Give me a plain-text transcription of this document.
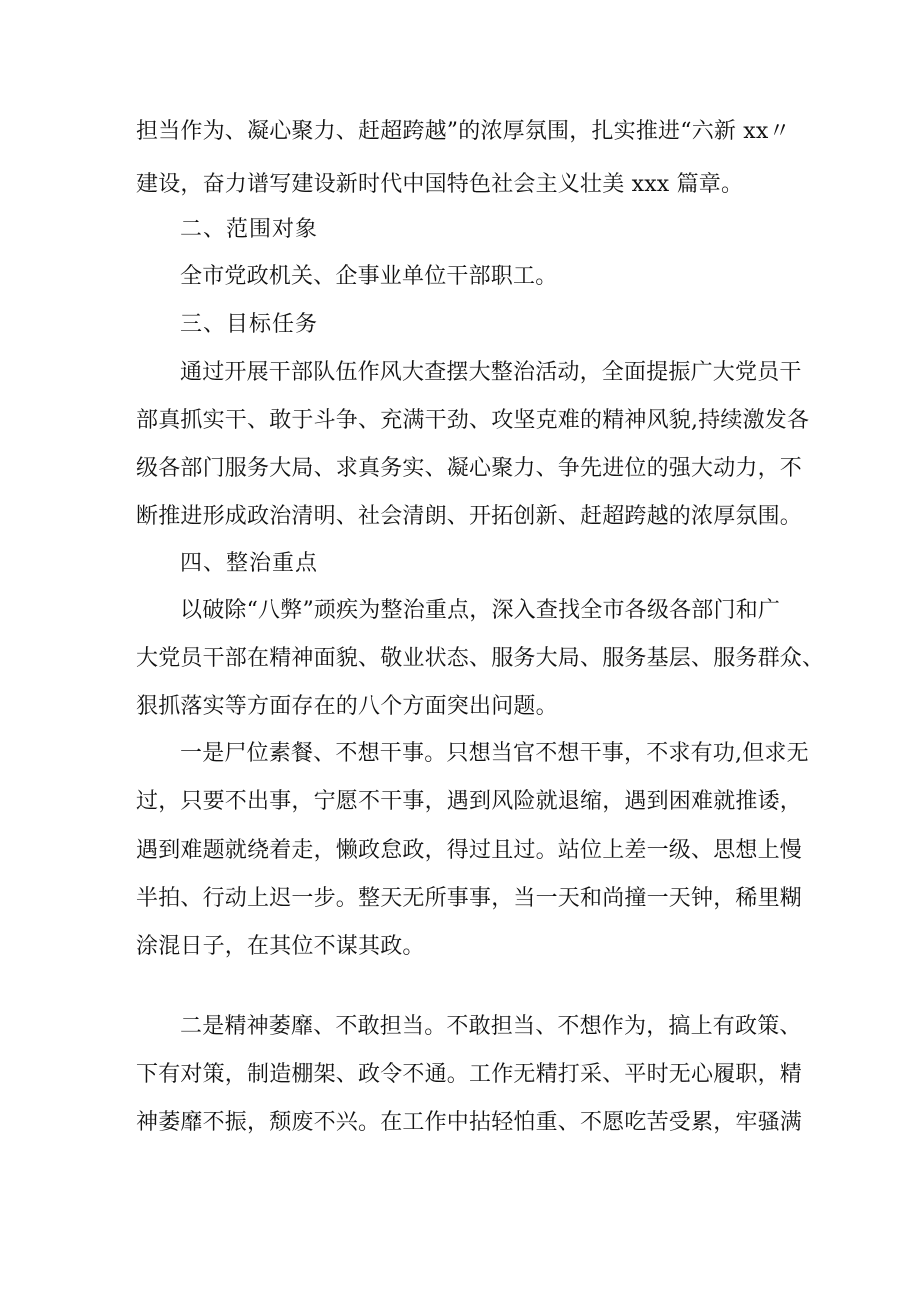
担当作为、凝心聚力、赶超跨越”的浓厚氛围，扎实推进“六新 xx〃
建设，奋力谱写建设新时代中国特色社会主义壮美 xxx 篇章。
二、范围对象
全市党政机关、企事业单位干部职工。
三、目标任务
通过开展干部队伍作风大查摆大整治活动，全面提振广大党员干
部真抓实干、敢于斗争、充满干劲、攻坚克难的精神风貌,持续激发各
级各部门服务大局、求真务实、凝心聚力、争先进位的强大动力，不
断推进形成政治清明、社会清朗、开拓创新、赶超跨越的浓厚氛围。
四、整治重点
以破除“八弊”顽疾为整治重点，深入查找全市各级各部门和广
大党员干部在精神面貌、敬业状态、服务大局、服务基层、服务群众、
狠抓落实等方面存在的八个方面突出问题。
一是尸位素餐、不想干事。只想当官不想干事，不求有功,但求无
过，只要不出事，宁愿不干事，遇到风险就退缩，遇到困难就推诿，
遇到难题就绕着走，懒政怠政，得过且过。站位上差一级、思想上慢
半拍、行动上迟一步。整天无所事事，当一天和尚撞一天钟，稀里糊
涂混日子，在其位不谋其政。
二是精神萎靡、不敢担当。不敢担当、不想作为，搞上有政策、
下有对策，制造棚架、政令不通。工作无精打采、平时无心履职，精
神萎靡不振，颓废不兴。在工作中拈轻怕重、不愿吃苦受累，牢骚满
